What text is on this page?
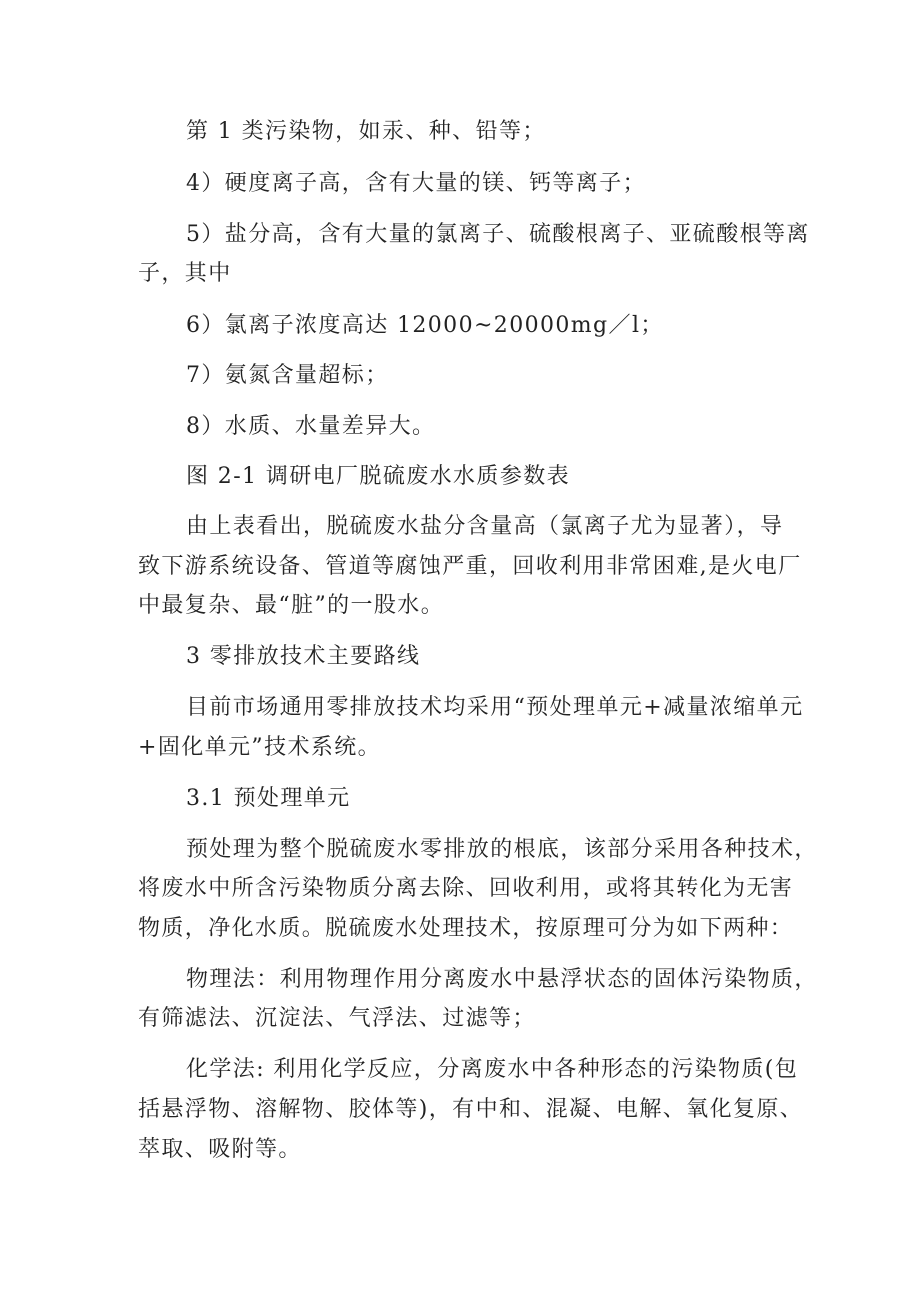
第 1 类污染物，如汞、种、铅等；
4）硬度离子高，含有大量的镁、钙等离子；
5）盐分高，含有大量的氯离子、硫酸根离子、亚硫酸根等离
子，其中
6）氯离子浓度高达 12000~20000mg／l；
7）氨氮含量超标；
8）水质、水量差异大。
图 2-1 调研电厂脱硫废水水质参数表
由上表看出，脱硫废水盐分含量高（氯离子尤为显著），导
致下游系统设备、管道等腐蚀严重，回收利用非常困难,是火电厂
中最复杂、最“脏”的一股水。
3 零排放技术主要路线
目前市场通用零排放技术均采用“预处理单元+减量浓缩单元
+固化单元”技术系统。
3.1 预处理单元
预处理为整个脱硫废水零排放的根底，该部分采用各种技术，
将废水中所含污染物质分离去除、回收利用，或将其转化为无害
物质，净化水质。脱硫废水处理技术，按原理可分为如下两种：
物理法：利用物理作用分离废水中悬浮状态的固体污染物质，
有筛滤法、沉淀法、气浮法、过滤等；
化学法: 利用化学反应，分离废水中各种形态的污染物质(包
括悬浮物、溶解物、胶体等)，有中和、混凝、电解、氧化复原、
萃取、吸附等。
